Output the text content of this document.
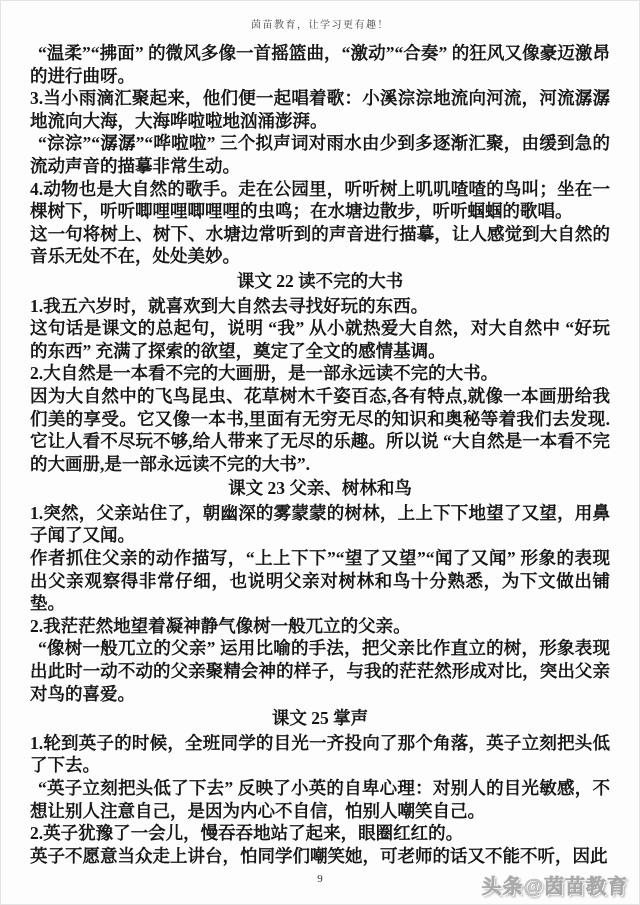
茵苗教育，让学习更有趣！
“温柔”“拂面” 的微风多像一首摇篮曲，“激动”“合奏” 的狂风又像豪迈激昂的进行曲呀。
3.当小雨滴汇聚起来，他们便一起唱着歌：小溪淙淙地流向河流，河流潺潺地流向大海，大海哗啦啦地汹涌澎湃。
“淙淙”“潺潺”“哗啦啦” 三个拟声词对雨水由少到多逐渐汇聚，由缓到急的流动声音的描摹非常生动。
4.动物也是大自然的歌手。走在公园里，听听树上叽叽喳喳的鸟叫；坐在一棵树下，听听唧哩哩唧哩哩的虫鸣；在水塘边散步，听听蝈蝈的歌唱。
这一句将树上、树下、水塘边常听到的声音进行描摹，让人感觉到大自然的音乐无处不在，处处美妙。
课文 22 读不完的大书
1.我五六岁时，就喜欢到大自然去寻找好玩的东西。
这句话是课文的总起句，说明 “我” 从小就热爱大自然，对大自然中 “好玩的东西” 充满了探索的欲望，奠定了全文的感情基调。
2.大自然是一本看不完的大画册，是一部永远读不完的大书。
因为大自然中的飞鸟昆虫、花草树木千姿百态,各有特点,就像一本画册给我们美的享受。它又像一本书,里面有无穷无尽的知识和奥秘等着我们去发现. 它让人看不尽玩不够,给人带来了无尽的乐趣。所以说 “大自然是一本看不完的大画册,是一部永远读不完的大书”.
课文 23 父亲、树林和鸟
1.突然，父亲站住了，朝幽深的雾蒙蒙的树林，上上下下地望了又望，用鼻子闻了又闻。
作者抓住父亲的动作描写，“上上下下”“望了又望”“闻了又闻” 形象的表现出父亲观察得非常仔细，也说明父亲对树林和鸟十分熟悉，为下文做出铺垫。
2.我茫茫然地望着凝神静气像树一般兀立的父亲。
“像树一般兀立的父亲” 运用比喻的手法，把父亲比作直立的树，形象表现出此时一动不动的父亲聚精会神的样子，与我的茫茫然形成对比，突出父亲对鸟的喜爱。
课文 25 掌声
1.轮到英子的时候，全班同学的目光一齐投向了那个角落，英子立刻把头低了下去。
“英子立刻把头低了下去” 反映了小英的自卑心理：对别人的目光敏感，不想让别人注意自己，是因为内心不自信，怕别人嘲笑自己。
2.英子犹豫了一会儿，慢吞吞地站了起来，眼圈红红的。
英子不愿意当众走上讲台，怕同学们嘲笑她，可老师的话又不能不听，因此
9	头条@茵苗教育
